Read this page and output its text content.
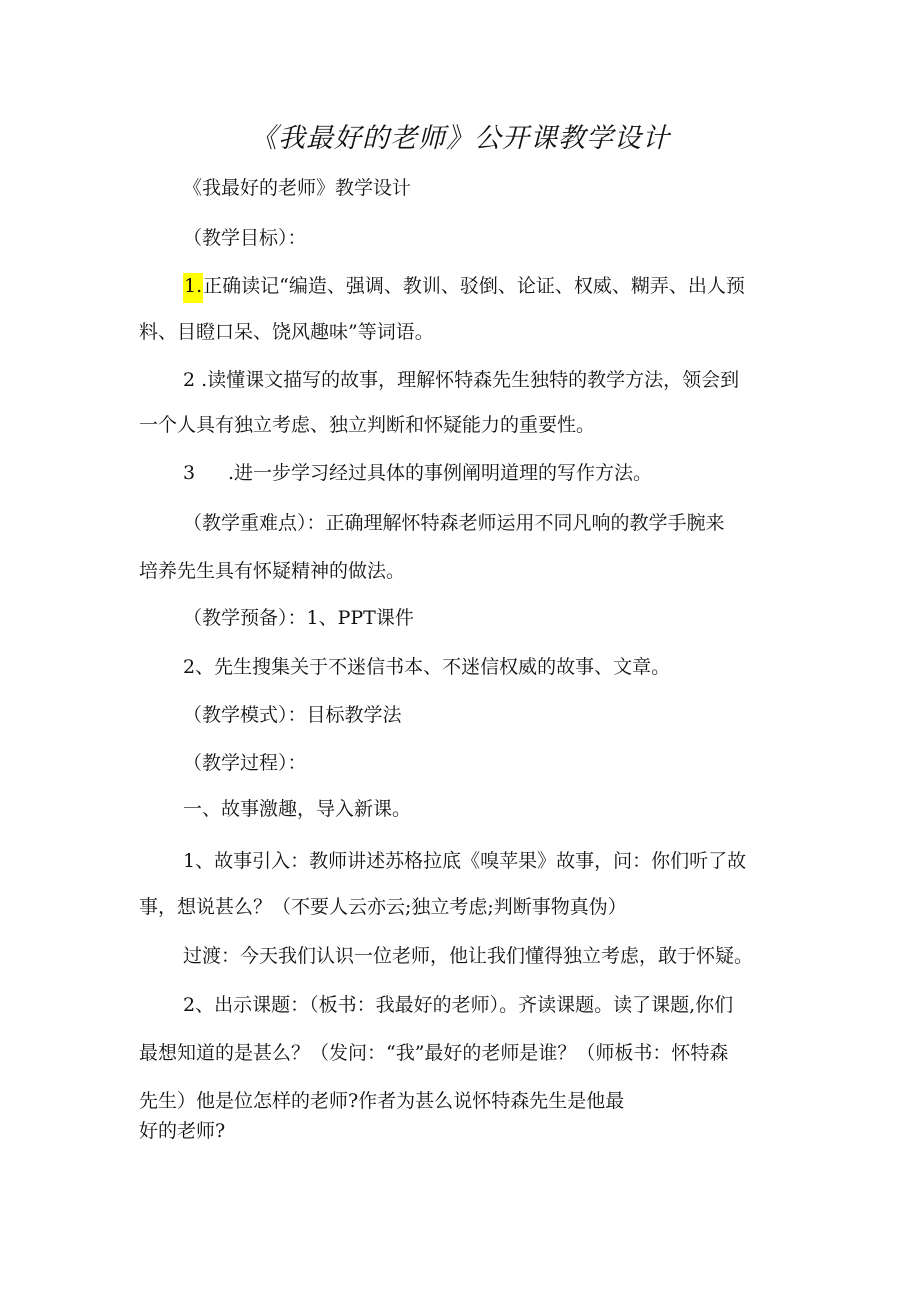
《我最好的老师》公开课教学设计
《我最好的老师》教学设计
（教学目标）：
1.正确读记“编造、强调、教训、驳倒、论证、权威、糊弄、出人预
料、目瞪口呆、饶风趣味”等词语。
2 .读懂课文描写的故事，理解怀特森先生独特的教学方法，领会到
一个人具有独立考虑、独立判断和怀疑能力的重要性。
3 .进一步学习经过具体的事例阐明道理的写作方法。
（教学重难点）：正确理解怀特森老师运用不同凡响的教学手腕来
培养先生具有怀疑精神的做法。
（教学预备）：1、PPT课件
2、先生搜集关于不迷信书本、不迷信权威的故事、文章。
（教学模式）：目标教学法
（教学过程）：
一、故事激趣，导入新课。
1、故事引入：教师讲述苏格拉底《嗅苹果》故事，问：你们听了故
事，想说甚么？（不要人云亦云;独立考虑;判断事物真伪）
过渡：今天我们认识一位老师，他让我们懂得独立考虑，敢于怀疑。
2、出示课题：（板书：我最好的老师）。齐读课题。读了课题,你们
最想知道的是甚么？（发问：“我”最好的老师是谁？（师板书：怀特森
先生）他是位怎样的老师?作者为甚么说怀特森先生是他最
好的老师?
